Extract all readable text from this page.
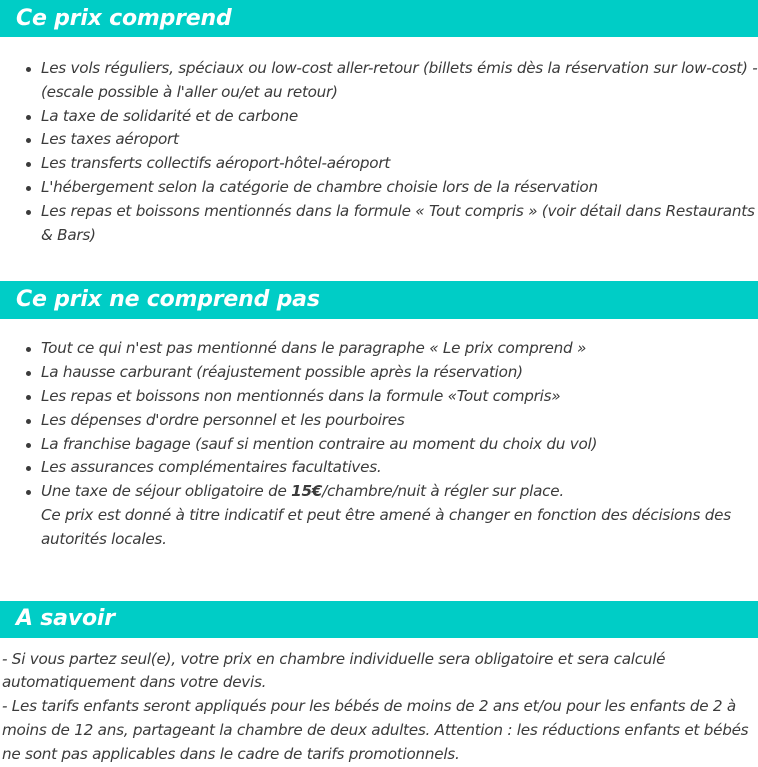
Ce prix comprend
Les vols réguliers, spéciaux ou low-cost aller-retour (billets émis dès la réservation sur low-cost) -(escale possible à l'aller ou/et au retour)
La taxe de solidarité et de carbone
Les taxes aéroport
Les transferts collectifs aéroport-hôtel-aéroport
L'hébergement selon la catégorie de chambre choisie lors de la réservation
Les repas et boissons mentionnés dans la formule « Tout compris » (voir détail dans Restaurants & Bars)
Ce prix ne comprend pas
Tout ce qui n'est pas mentionné dans le paragraphe « Le prix comprend »
La hausse carburant (réajustement possible après la réservation)
Les repas et boissons non mentionnés dans la formule «Tout compris»
Les dépenses d'ordre personnel et les pourboires
La franchise bagage (sauf si mention contraire au moment du choix du vol)
Les assurances complémentaires facultatives.
Une taxe de séjour obligatoire de 15€/chambre/nuit à régler sur place.
Ce prix est donné à titre indicatif et peut être amené à changer en fonction des décisions des autorités locales.
A savoir

- Si vous partez seul(e), votre prix en chambre individuelle sera obligatoire et sera calculé automatiquement dans votre devis.

- Les tarifs enfants seront appliqués pour les bébés de moins de 2 ans et/ou pour les enfants de 2 à moins de 12 ans, partageant la chambre de deux adultes. Attention : les réductions enfants et bébés ne sont pas applicables dans le cadre de tarifs promotionnels.
